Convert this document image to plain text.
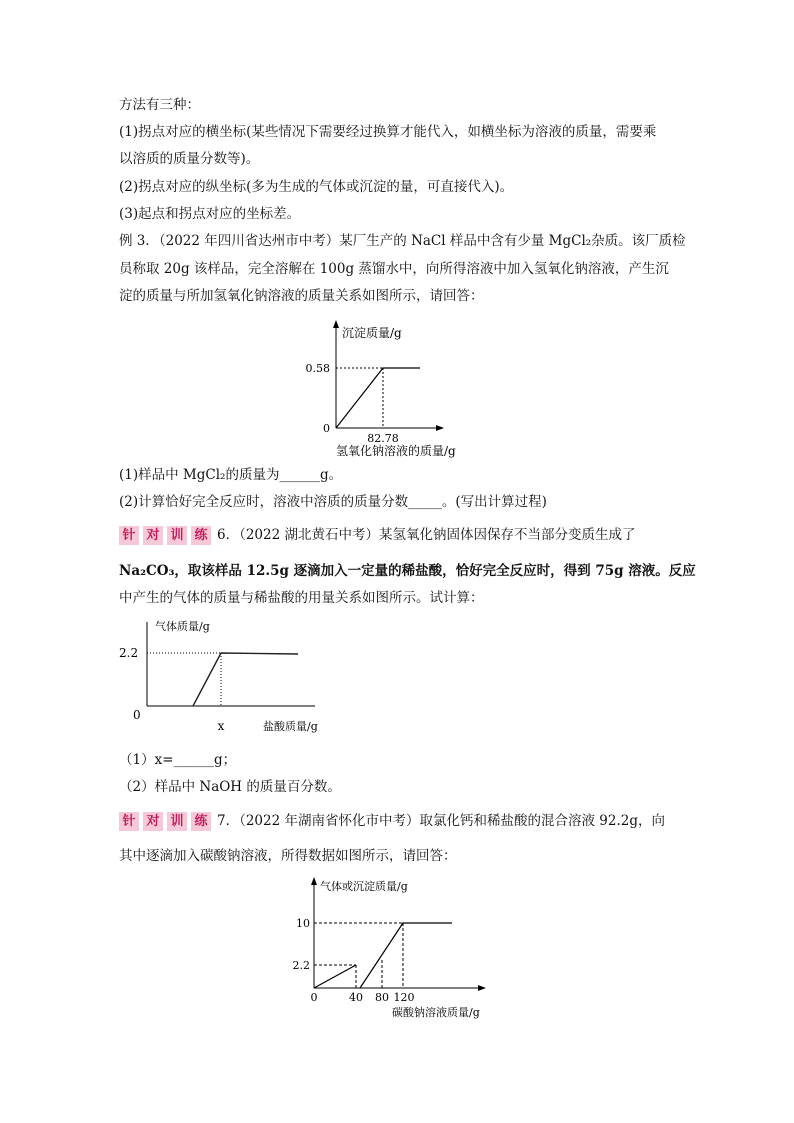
方法有三种：
(1)拐点对应的横坐标(某些情况下需要经过换算才能代入，如横坐标为溶液的质量，需要乘
以溶质的质量分数等)。
(2)拐点对应的纵坐标(多为生成的气体或沉淀的量，可直接代入)。
(3)起点和拐点对应的坐标差。
例 3．（2022 年四川省达州市中考）某厂生产的 NaCl 样品中含有少量 MgCl₂杂质。该厂质检
员称取 20g 该样品，完全溶解在 100g 蒸馏水中，向所得溶液中加入氢氧化钠溶液，产生沉
淀的质量与所加氢氧化钠溶液的质量关系如图所示，请回答：
沉淀质量/g
0.58
0
82.78
氢氧化钠溶液的质量/g
(1)样品中 MgCl₂的质量为______g。
(2)计算恰好完全反应时，溶液中溶质的质量分数_____。(写出计算过程)
针 对 训 练 6．（2022 湖北黄石中考）某氢氧化钠固体因保存不当部分变质生成了
Na₂CO₃，取该样品 12.5g 逐滴加入一定量的稀盐酸，恰好完全反应时，得到 75g 溶液。反应
中产生的气体的质量与稀盐酸的用量关系如图所示。试计算：
气体质量/g
2.2
0
x	盐酸质量/g
（1）x=______g；
（2）样品中 NaOH 的质量百分数。
针 对 训 练 7．（2022 年湖南省怀化市中考）取氯化钙和稀盐酸的混合溶液 92.2g，向
其中逐滴加入碳酸钠溶液，所得数据如图所示，请回答：
气体或沉淀质量/g
10
2.2
0	40 80 120
碳酸钠溶液质量/g
